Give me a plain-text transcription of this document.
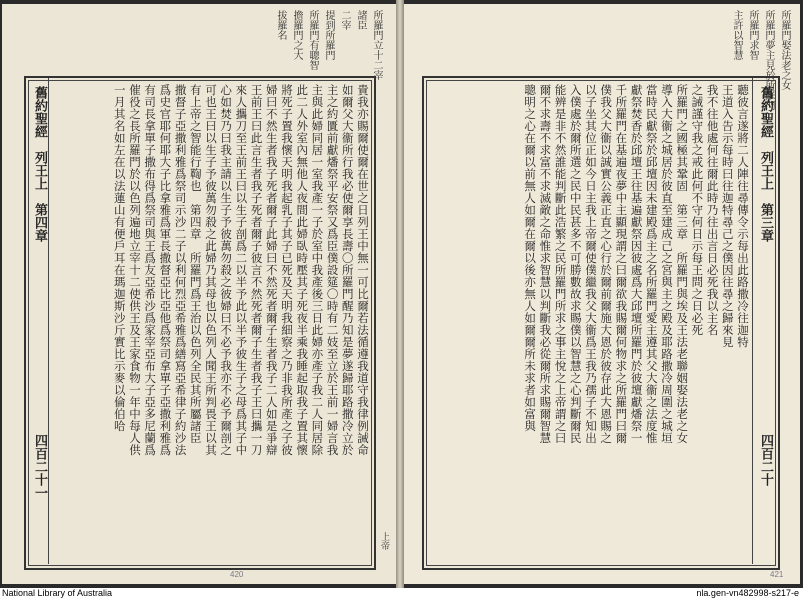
所羅門立十二宰
諸臣
二宰
提到所羅門
所羅門有聰智
擔羅門之大
拔羅名
舊約聖經　列王上　第四章
四百二十一
貴我亦賜爾使爾在世之日列王中無一可比爾若法循遵我道守我律例誡命
如爾父大衞所行我必使爾享長壽〇所羅門醒乃知是夢遂歸耶路撒冷立於
主之約匱前獻燔祭平安祭又爲臣僕設筵〇時有二妓至立於王前一婦言我
主與此婦同居一室我產一子於室中我產後三日此婦亦產子我二人同居除
此二人外室內無他人夜間此婦臥時壓其子死夜半乘我睡起取我子置其懷
將死子置我懷天明我起乳子其子已死及天明我細察之乃非我所產之子彼
婦曰不然生者我子死者爾子此婦曰不然死者爾子生者我子二人如是爭辯
王前王曰此言生者我子死者爾子彼言不然死者爾子生者我子王曰攜一刀
來人攜刀至王前王曰以生子剖爲二以半予此以半予彼生子之母爲其子中
心如焚乃曰我主請以生子予彼萬勿殺之彼婦曰不必予我亦不必予爾剖之
可也王曰以生子予彼萬勿殺之此婦乃其母也以色列人聞王所判畏王以其
有上帝之智能行鞫也　第四章　所羅門爲王治以色列全民其所屬諸臣
撒督子亞撒利雅爲祭司示沙二子以利何烈亞希雅爲繕寫亞希律子約沙法
爲史官耶何耶大子比拿雅爲軍長撒督亞比亞他爲祭司拿單子亞撒利雅爲
有司長拿單子撒布得爲祭司與王爲友亞希沙爲家宰亞布大子亞多尼蘭爲
催役之長所羅門於以色列遍地立宰十二使供王及王家食物一年中每人供
一月其名如左在以法蓮山有便戶耳在瑪迦斯沙斤實比示麥以倫伯哈
420
所羅門娶法老之女
所羅門夢主見於所羅門
所羅門求智
主許以智慧
舊約聖經　列王上　第三章
四百二十
聽彼言遂將二人陣往尋傳令示每出此路撒冷往迦特
王道入告示每時曰往迦特尋己之僕因往尋之歸來見
我不往他處何往爾此時乃往出言日必死我以主名
之誡謹守我之戒此何不守何日示每王問之日必死
所羅門之國極其鞏固　第三章　所羅門與埃及王法老聯姻娶法老之女
導入大衞之城居於彼直至建成己之宮與主之殿及耶路撒冷周圍之城垣
當時民獻祭於邱壇因未建殿爲主之名所羅門愛主遵其父大衞之法度惟
獻祭焚香於邱壇王往基遍獻祭因彼處爲大邱壇所羅門於彼壇獻燔祭一
千所羅門在基遍夜夢中主顯現謂之曰爾欲我賜爾何物求之所羅門曰爾
僕我父大衞以誠實公義正直之心行於爾前爾施大恩於彼存此大恩賜之
以子坐其位正如今日主我上帝爾使僕繼我父大衞爲王我乃孺子不知出
入僕處於爾所選之民中民甚多不可勝數故求賜僕以智慧之心判斷爾民
能辨是非不然誰能判斷此浩繁之民所羅門所求之事主悅之上帝謂之曰
爾不求壽不求富不求滅敵之命惟求智慧以判斷我必從爾所求賜爾智慧
聰明之心在爾以前無人如爾在爾以後亦無人如爾爾所未求者如富與
421
上帝
National Library of Australia	nla.gen-vn482998-s217-e
